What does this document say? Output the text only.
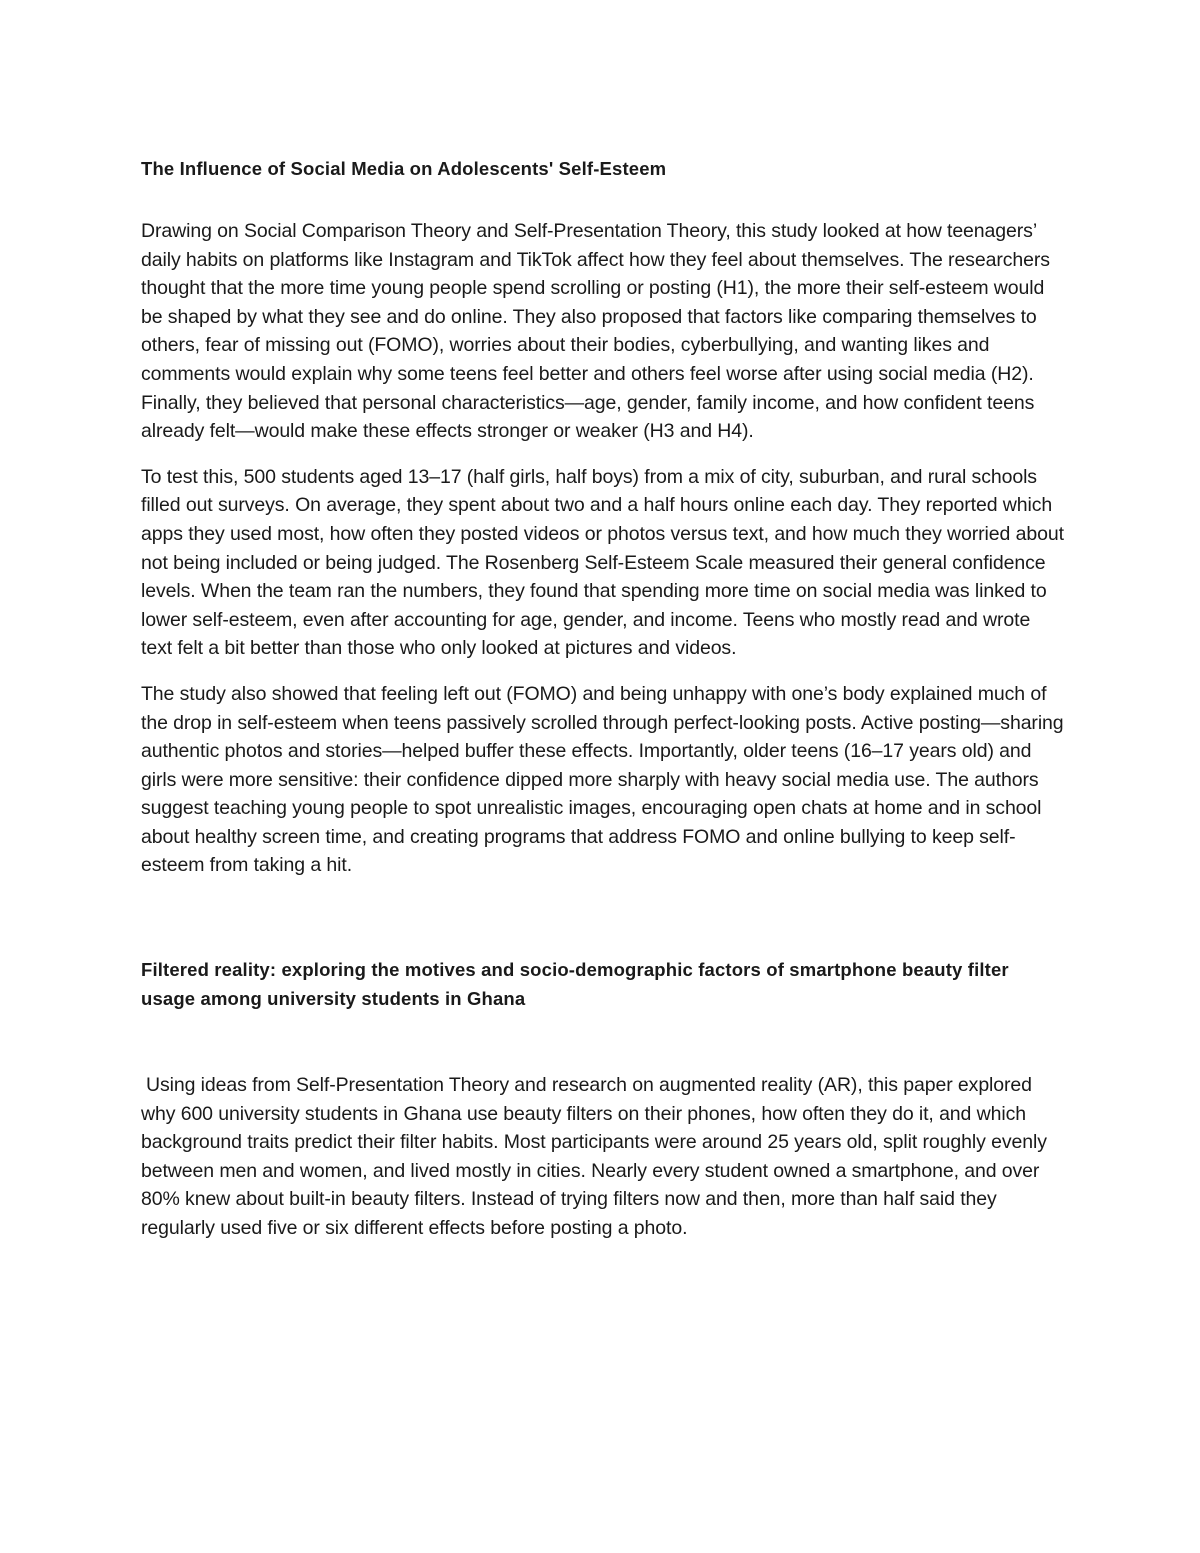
The Influence of Social Media on Adolescents' Self-Esteem

Drawing on Social Comparison Theory and Self-Presentation Theory, this study looked at how teenagers’ daily habits on platforms like Instagram and TikTok affect how they feel about themselves. The researchers thought that the more time young people spend scrolling or posting (H1), the more their self-esteem would be shaped by what they see and do online. They also proposed that factors like comparing themselves to others, fear of missing out (FOMO), worries about their bodies, cyberbullying, and wanting likes and comments would explain why some teens feel better and others feel worse after using social media (H2). Finally, they believed that personal characteristics—age, gender, family income, and how confident teens already felt—would make these effects stronger or weaker (H3 and H4).

To test this, 500 students aged 13–17 (half girls, half boys) from a mix of city, suburban, and rural schools filled out surveys. On average, they spent about two and a half hours online each day. They reported which apps they used most, how often they posted videos or photos versus text, and how much they worried about not being included or being judged. The Rosenberg Self-Esteem Scale measured their general confidence levels. When the team ran the numbers, they found that spending more time on social media was linked to lower self-esteem, even after accounting for age, gender, and income. Teens who mostly read and wrote text felt a bit better than those who only looked at pictures and videos.

The study also showed that feeling left out (FOMO) and being unhappy with one’s body explained much of the drop in self-esteem when teens passively scrolled through perfect-looking posts. Active posting—sharing authentic photos and stories—helped buffer these effects. Importantly, older teens (16–17 years old) and girls were more sensitive: their confidence dipped more sharply with heavy social media use. The authors suggest teaching young people to spot unrealistic images, encouraging open chats at home and in school about healthy screen time, and creating programs that address FOMO and online bullying to keep self-esteem from taking a hit.

Filtered reality: exploring the motives and socio-demographic factors of smartphone beauty filter usage among university students in Ghana

Using ideas from Self-Presentation Theory and research on augmented reality (AR), this paper explored why 600 university students in Ghana use beauty filters on their phones, how often they do it, and which background traits predict their filter habits. Most participants were around 25 years old, split roughly evenly between men and women, and lived mostly in cities. Nearly every student owned a smartphone, and over 80% knew about built-in beauty filters. Instead of trying filters now and then, more than half said they regularly used five or six different effects before posting a photo.
